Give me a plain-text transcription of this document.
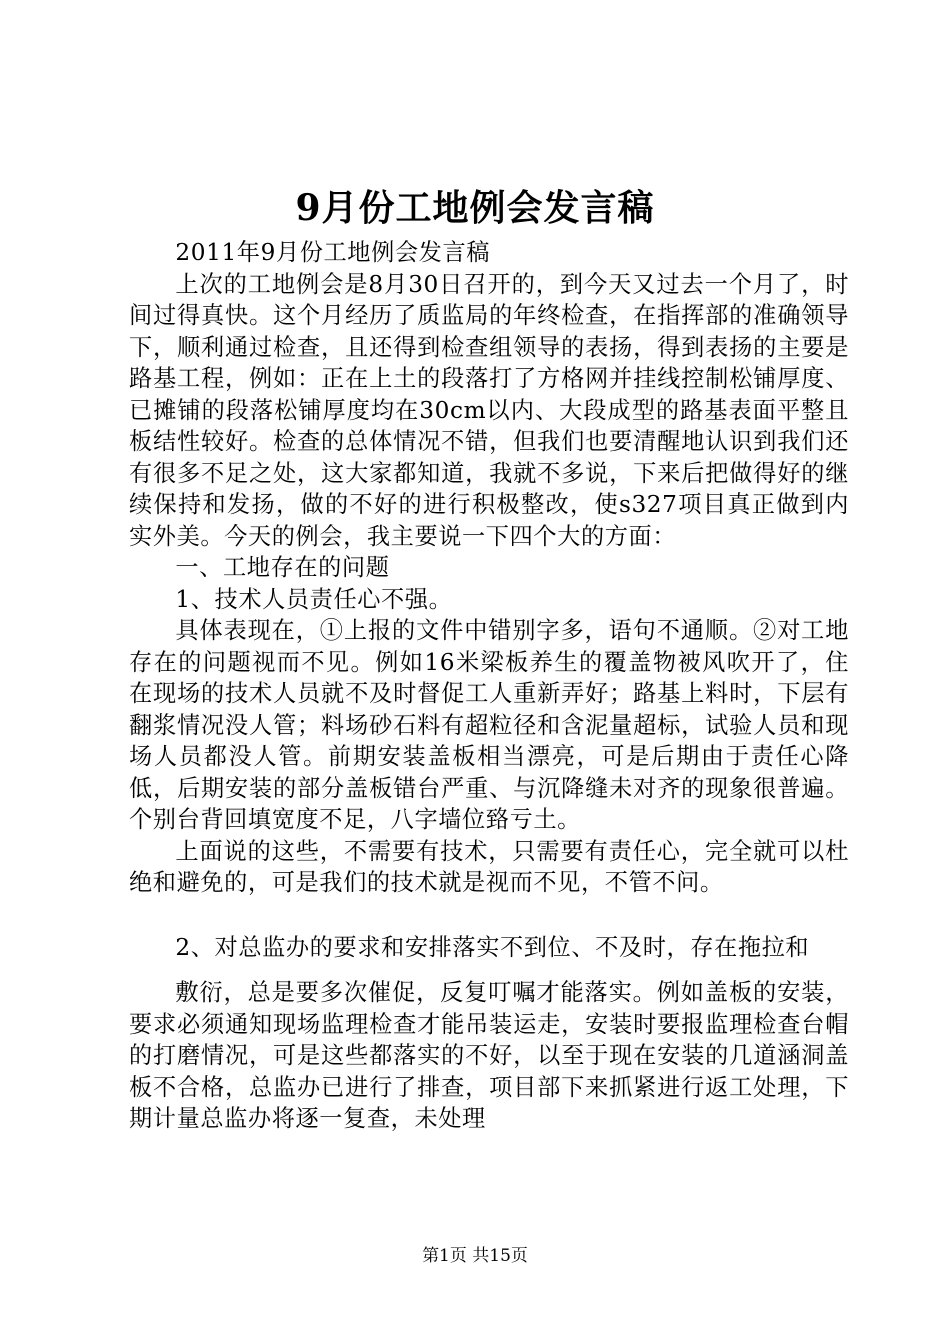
9月份工地例会发言稿

2011年9月份工地例会发言稿

上次的工地例会是8月30日召开的，到今天又过去一个月了，时间过得真快。这个月经历了质监局的年终检查，在指挥部的准确领导下，顺利通过检查，且还得到检查组领导的表扬，得到表扬的主要是路基工程，例如：正在上土的段落打了方格网并挂线控制松铺厚度、已摊铺的段落松铺厚度均在30cm以内、大段成型的路基表面平整且板结性较好。检查的总体情况不错，但我们也要清醒地认识到我们还有很多不足之处，这大家都知道，我就不多说，下来后把做得好的继续保持和发扬，做的不好的进行积极整改，使s327项目真正做到内实外美。今天的例会，我主要说一下四个大的方面：

一、工地存在的问题

1、技术人员责任心不强。

具体表现在，①上报的文件中错别字多，语句不通顺。②对工地存在的问题视而不见。例如16米梁板养生的覆盖物被风吹开了，住在现场的技术人员就不及时督促工人重新弄好；路基上料时，下层有翻浆情况没人管；料场砂石料有超粒径和含泥量超标，试验人员和现场人员都没人管。前期安装盖板相当漂亮，可是后期由于责任心降低，后期安装的部分盖板错台严重、与沉降缝未对齐的现象很普遍。个别台背回填宽度不足，八字墙位臵亏土。

上面说的这些，不需要有技术，只需要有责任心，完全就可以杜绝和避免的，可是我们的技术就是视而不见，不管不问。

2、对总监办的要求和安排落实不到位、不及时，存在拖拉和

敷衍，总是要多次催促，反复叮嘱才能落实。例如盖板的安装，要求必须通知现场监理检查才能吊装运走，安装时要报监理检查台帽的打磨情况，可是这些都落实的不好，以至于现在安装的几道涵洞盖板不合格，总监办已进行了排查，项目部下来抓紧进行返工处理，下期计量总监办将逐一复查，未处理

第1页 共15页
